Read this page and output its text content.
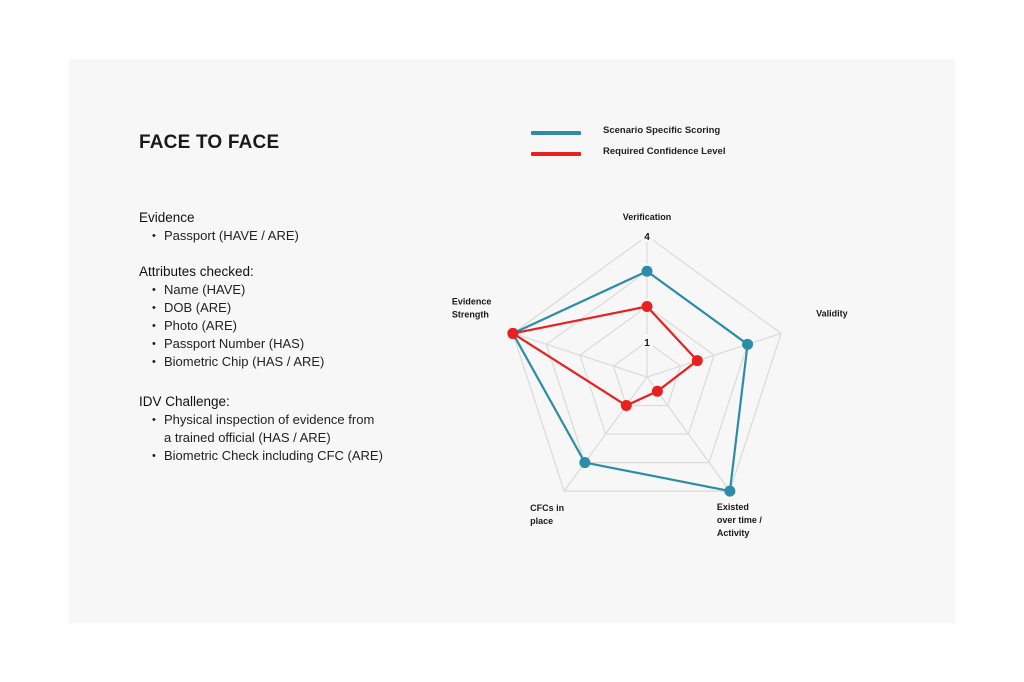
FACE TO FACE
Evidence
• Passport (HAVE / ARE)
Attributes checked:
• Name (HAVE)
• DOB (ARE)
• Photo (ARE)
• Passport Number (HAS)
• Biometric Chip (HAS / ARE)
IDV Challenge:
• Physical inspection of evidence from
a trained official (HAS / ARE)
• Biometric Check including CFC (ARE)
Scenario Specific Scoring
Required Confidence Level
1
4
Verification
Validity
Existed over time / Activity
CFCs in place
Evidence Strength
